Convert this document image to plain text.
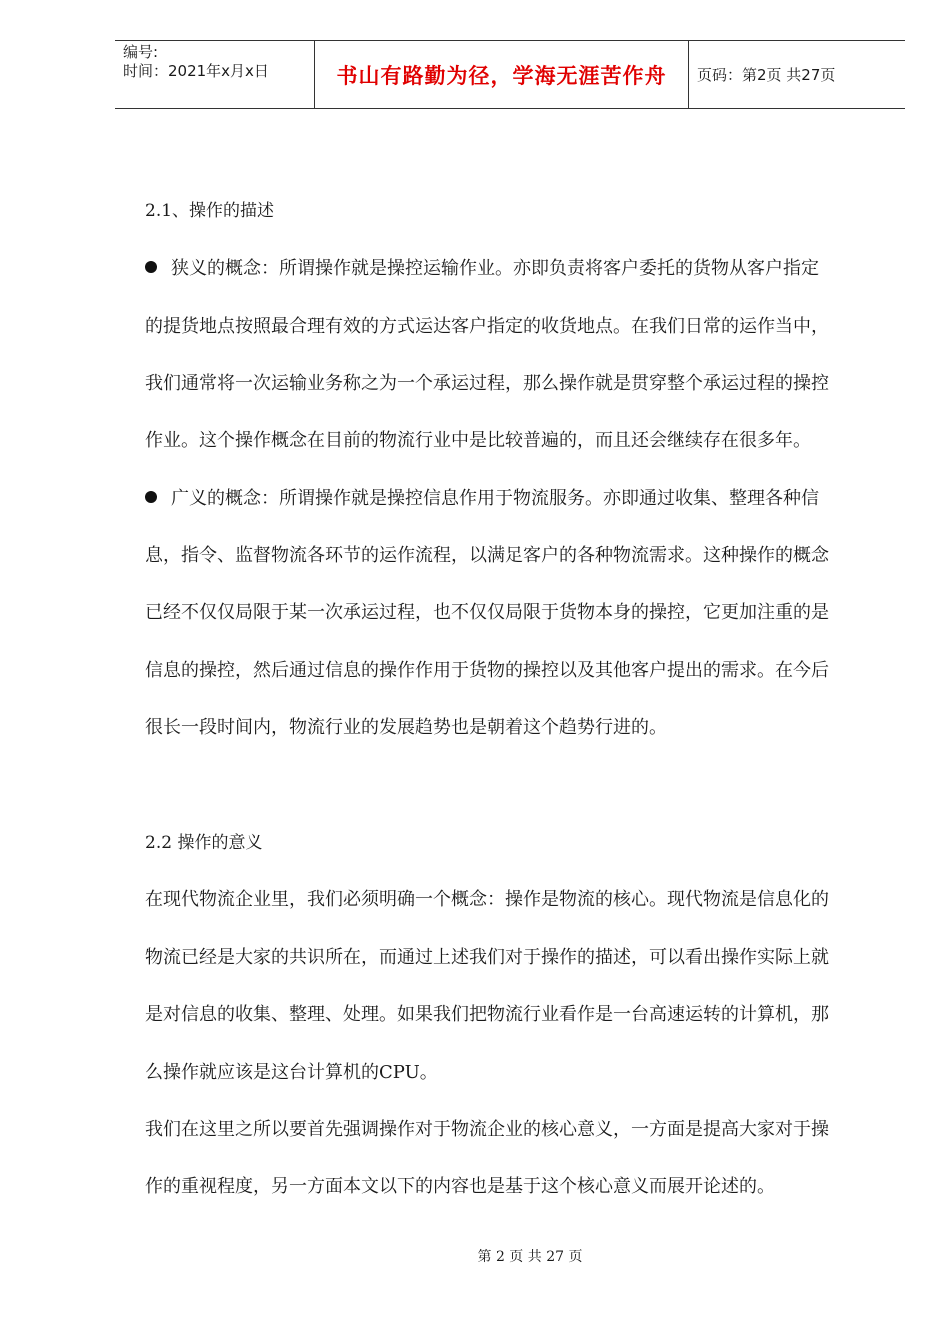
编号:
时间：2021年x月x日	书山有路勤为径，学海无涯苦作舟	页码：第2页 共27页
2.1、操作的描述
狭义的概念：所谓操作就是操控运输作业。亦即负责将客户委托的货物从客户指定
的提货地点按照最合理有效的方式运达客户指定的收货地点。在我们日常的运作当中，
我们通常将一次运输业务称之为一个承运过程，那么操作就是贯穿整个承运过程的操控
作业。这个操作概念在目前的物流行业中是比较普遍的，而且还会继续存在很多年。
广义的概念：所谓操作就是操控信息作用于物流服务。亦即通过收集、整理各种信
息，指令、监督物流各环节的运作流程，以满足客户的各种物流需求。这种操作的概念
已经不仅仅局限于某一次承运过程，也不仅仅局限于货物本身的操控，它更加注重的是
信息的操控，然后通过信息的操作作用于货物的操控以及其他客户提出的需求。在今后
很长一段时间内，物流行业的发展趋势也是朝着这个趋势行进的。
2.2 操作的意义
在现代物流企业里，我们必须明确一个概念：操作是物流的核心。现代物流是信息化的
物流已经是大家的共识所在，而通过上述我们对于操作的描述，可以看出操作实际上就
是对信息的收集、整理、处理。如果我们把物流行业看作是一台高速运转的计算机，那
么操作就应该是这台计算机的CPU。
我们在这里之所以要首先强调操作对于物流企业的核心意义，一方面是提高大家对于操
作的重视程度，另一方面本文以下的内容也是基于这个核心意义而展开论述的。
第 2 页 共 27 页
